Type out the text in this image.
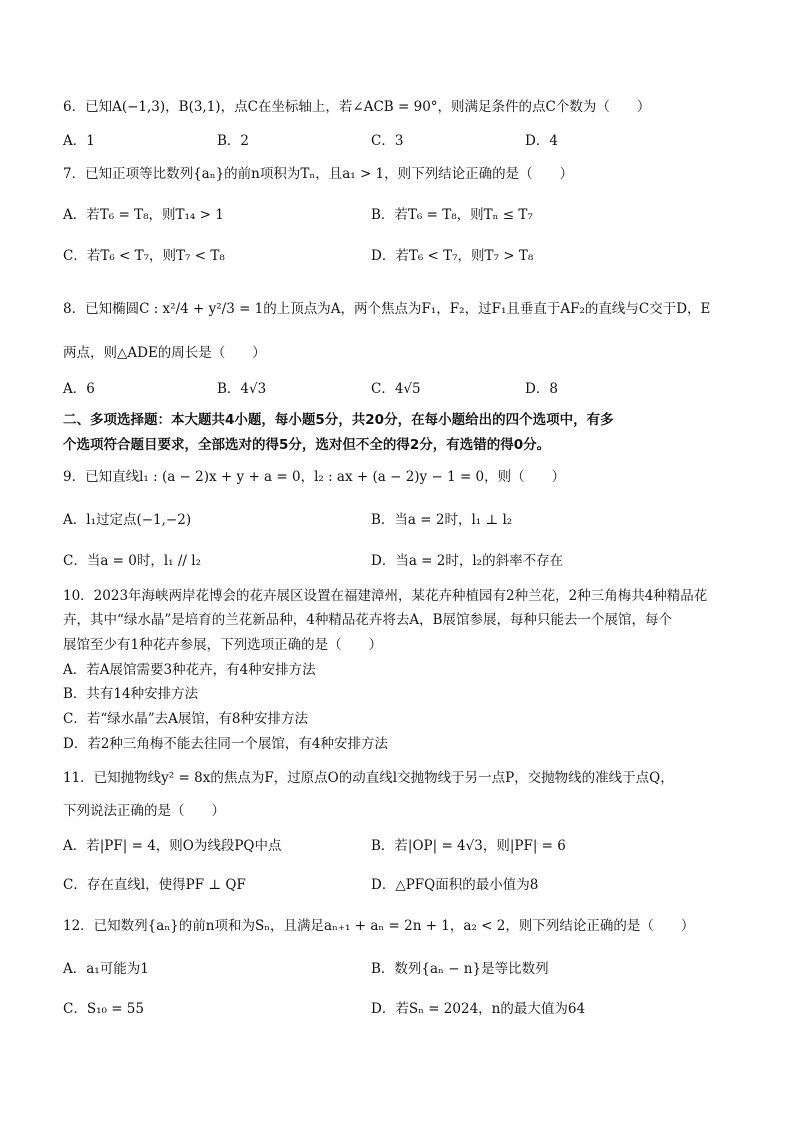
6．已知A(−1,3)，B(3,1)，点C在坐标轴上，若∠ACB = 90°，则满足条件的点C个数为（　　）
A．1	B．2	C．3	D．4
7．已知正项等比数列{aₙ}的前n项积为Tₙ，且a₁ > 1，则下列结论正确的是（　　）
A．若T₆ = T₈，则T₁₄ > 1	B．若T₆ = T₈，则Tₙ ≤ T₇
C．若T₆ < T₇，则T₇ < T₈	D．若T₆ < T₇，则T₇ > T₈
8．已知椭圆C : x²/4 + y²/3 = 1的上顶点为A，两个焦点为F₁，F₂，过F₁且垂直于AF₂的直线与C交于D，E
两点，则△ADE的周长是（　　）
A．6	B．4√3	C．4√5	D．8
二、多项选择题：本大题共4小题，每小题5分，共20分，在每小题给出的四个选项中，有多
个选项符合题目要求，全部选对的得5分，选对但不全的得2分，有选错的得0分。
9．已知直线l₁ : (a − 2)x + y + a = 0，l₂ : ax + (a − 2)y − 1 = 0，则（　　）
A．l₁过定点(−1,−2)	B．当a = 2时，l₁ ⊥ l₂
C．当a = 0时，l₁ // l₂	D．当a = 2时，l₂的斜率不存在
10．2023年海峡两岸花博会的花卉展区设置在福建漳州，某花卉种植园有2种兰花，2种三角梅共4种精品花
卉，其中“绿水晶”是培育的兰花新品种，4种精品花卉将去A，B展馆参展，每种只能去一个展馆，每个
展馆至少有1种花卉参展，下列选项正确的是（　　）
A．若A展馆需要3种花卉，有4种安排方法
B．共有14种安排方法
C．若“绿水晶”去A展馆，有8种安排方法
D．若2种三角梅不能去往同一个展馆，有4种安排方法
11．已知抛物线y² = 8x的焦点为F，过原点O的动直线l交抛物线于另一点P，交抛物线的准线于点Q，
下列说法正确的是（　　）
A．若|PF| = 4，则O为线段PQ中点	B．若|OP| = 4√3，则|PF| = 6
C．存在直线l，使得PF ⊥ QF	D．△PFQ面积的最小值为8
12．已知数列{aₙ}的前n项和为Sₙ，且满足aₙ₊₁ + aₙ = 2n + 1，a₂ < 2，则下列结论正确的是（　　）
A．a₁可能为1	B．数列{aₙ − n}是等比数列
C．S₁₀ = 55	D．若Sₙ = 2024，n的最大值为64
